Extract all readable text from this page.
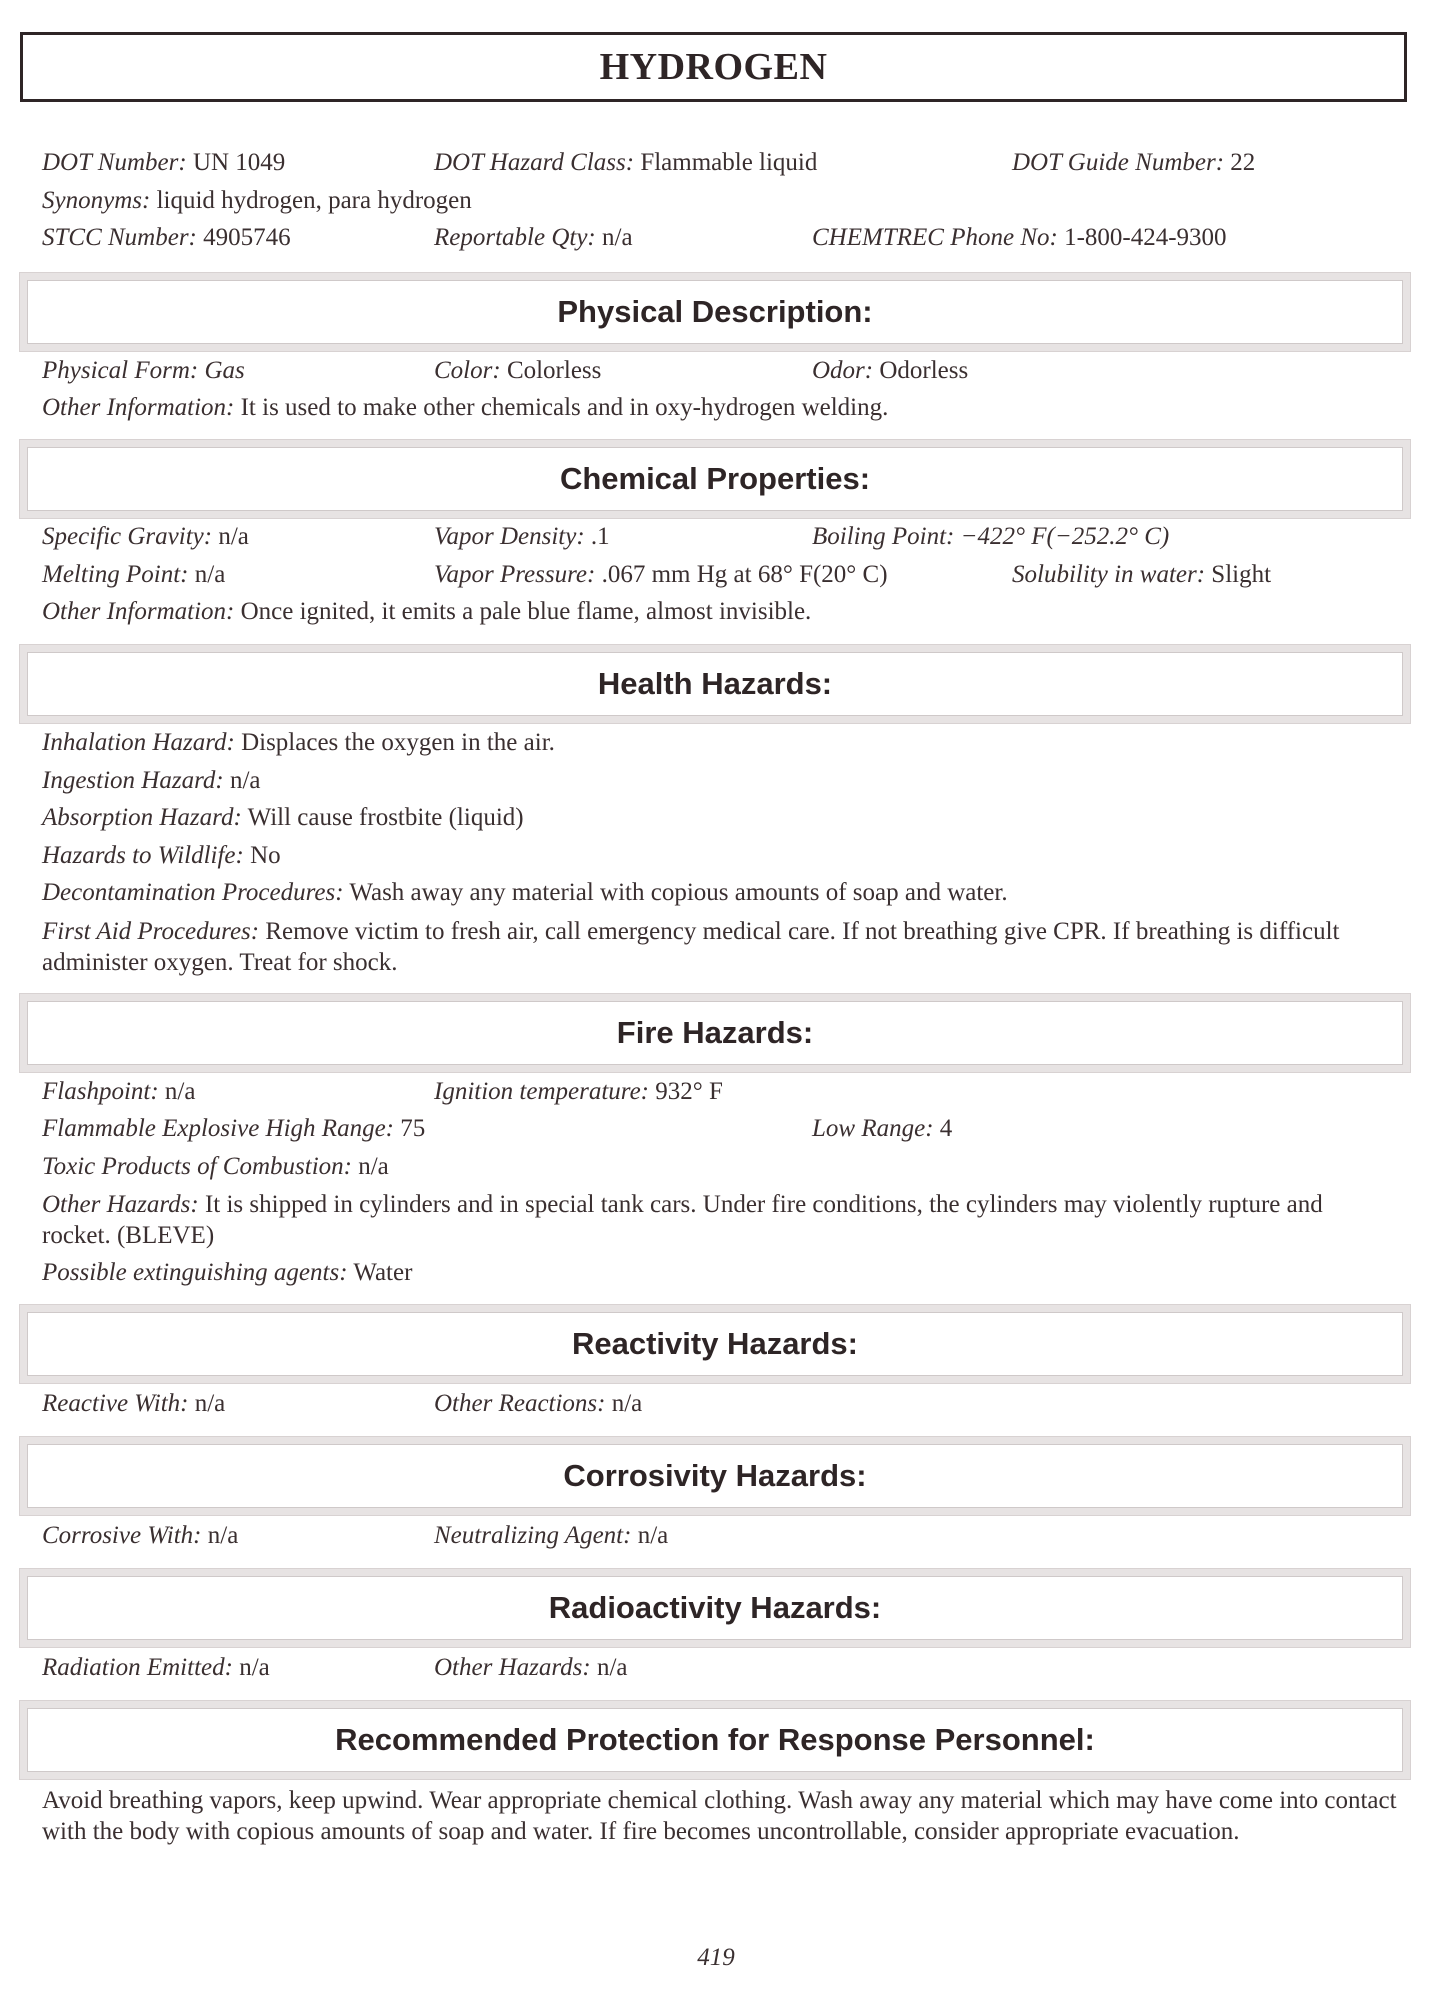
HYDROGEN
DOT Number: UN 1049	DOT Hazard Class: Flammable liquid	DOT Guide Number: 22
Synonyms: liquid hydrogen, para hydrogen
STCC Number: 4905746	Reportable Qty: n/a	CHEMTREC Phone No: 1-800-424-9300
Physical Description:
Physical Form: Gas	Color: Colorless	Odor: Odorless
Other Information: It is used to make other chemicals and in oxy-hydrogen welding.
Chemical Properties:
Specific Gravity: n/a	Vapor Density: .1	Boiling Point: −422° F(−252.2° C)
Melting Point: n/a	Vapor Pressure: .067 mm Hg at 68° F(20° C)	Solubility in water: Slight
Other Information: Once ignited, it emits a pale blue flame, almost invisible.
Health Hazards:
Inhalation Hazard: Displaces the oxygen in the air.
Ingestion Hazard: n/a
Absorption Hazard: Will cause frostbite (liquid)
Hazards to Wildlife: No
Decontamination Procedures: Wash away any material with copious amounts of soap and water.
First Aid Procedures: Remove victim to fresh air, call emergency medical care. If not breathing give CPR. If breathing is difficult administer oxygen. Treat for shock.
Fire Hazards:
Flashpoint: n/a	Ignition temperature: 932° F
Flammable Explosive High Range: 75	Low Range: 4
Toxic Products of Combustion: n/a
Other Hazards: It is shipped in cylinders and in special tank cars. Under fire conditions, the cylinders may violently rupture and rocket. (BLEVE)
Possible extinguishing agents: Water
Reactivity Hazards:
Reactive With: n/a	Other Reactions: n/a
Corrosivity Hazards:
Corrosive With: n/a	Neutralizing Agent: n/a
Radioactivity Hazards:
Radiation Emitted: n/a	Other Hazards: n/a
Recommended Protection for Response Personnel:
Avoid breathing vapors, keep upwind. Wear appropriate chemical clothing. Wash away any material which may have come into contact with the body with copious amounts of soap and water. If fire becomes uncontrollable, consider appropriate evacuation.
419
